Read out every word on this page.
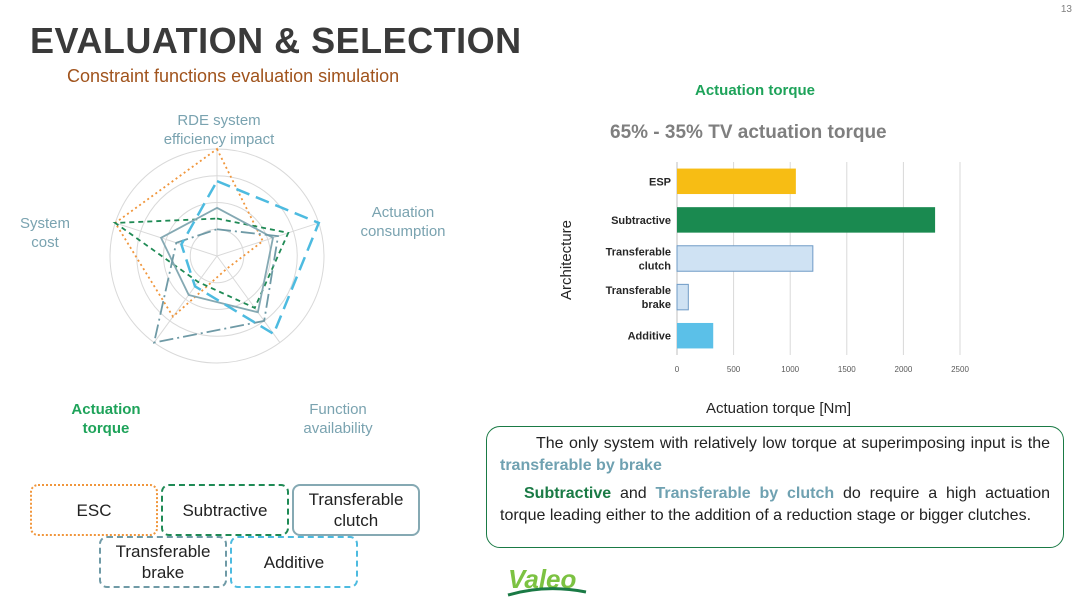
13
EVALUATION & SELECTION
Constraint functions evaluation simulation
RDE system efficiency impact
Actuation consumption
Function availability
Actuation torque
System cost
ESC	Subtractive
Transferable clutch
Transferable brake
Additive
Actuation torque
65% - 35% TV actuation torque
0	500	1000	1500	2000	2500
ESP
Subtractive
Transferable
clutch
Transferable
brake
Additive
Actuation torque [Nm]
Architecture

The only system with relatively low torque at superimposing input is the transferable by brake

Subtractive and Transferable by clutch do require a high actuation torque leading either to the addition of a reduction stage or bigger clutches.

Valeo
